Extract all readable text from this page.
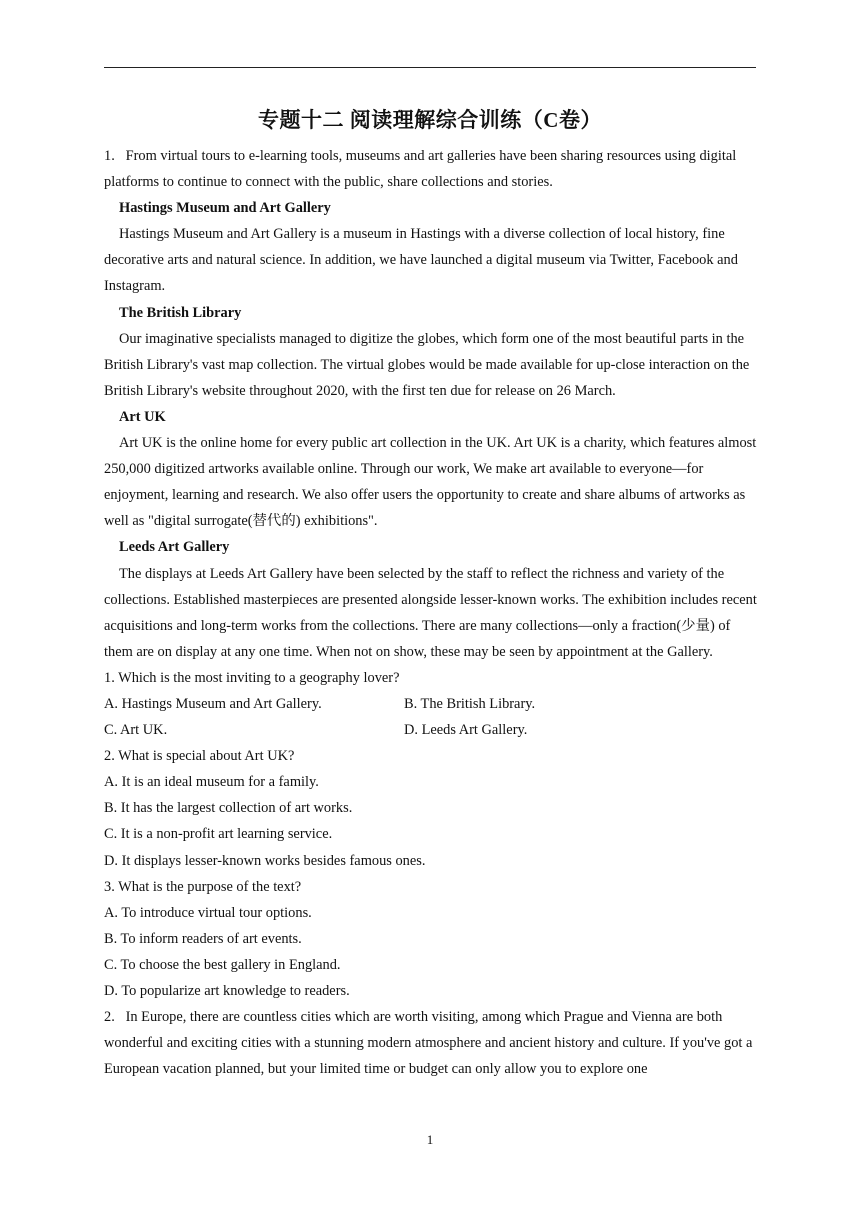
专题十二 阅读理解综合训练（C卷）

1.   From virtual tours to e-learning tools, museums and art galleries have been sharing resources using digital platforms to continue to connect with the public, share collections and stories.

Hastings Museum and Art Gallery

Hastings Museum and Art Gallery is a museum in Hastings with a diverse collection of local history, fine decorative arts and natural science. In addition, we have launched a digital museum via Twitter, Facebook and Instagram.

The British Library

Our imaginative specialists managed to digitize the globes, which form one of the most beautiful parts in the British Library's vast map collection. The virtual globes would be made available for up-close interaction on the British Library's website throughout 2020, with the first ten due for release on 26 March.

Art UK

Art UK is the online home for every public art collection in the UK. Art UK is a charity, which features almost 250,000 digitized artworks available online. Through our work, We make art available to everyone—for enjoyment, learning and research. We also offer users the opportunity to create and share albums of artworks as well as "digital surrogate(替代的) exhibitions".

Leeds Art Gallery

The displays at Leeds Art Gallery have been selected by the staff to reflect the richness and variety of the collections. Established masterpieces are presented alongside lesser-known works. The exhibition includes recent acquisitions and long-term works from the collections. There are many collections—only a fraction(少量) of them are on display at any one time. When not on show, these may be seen by appointment at the Gallery.

1. Which is the most inviting to a geography lover?

A. Hastings Museum and Art Gallery.	B. The British Library.
C. Art UK.	D. Leeds Art Gallery.

2. What is special about Art UK?

A. It is an ideal museum for a family.

B. It has the largest collection of art works.

C. It is a non-profit art learning service.

D. It displays lesser-known works besides famous ones.

3. What is the purpose of the text?

A. To introduce virtual tour options.

B. To inform readers of art events.

C. To choose the best gallery in England.

D. To popularize art knowledge to readers.

2.   In Europe, there are countless cities which are worth visiting, among which Prague and Vienna are both wonderful and exciting cities with a stunning modern atmosphere and ancient history and culture. If you've got a European vacation planned, but your limited time or budget can only allow you to explore one

1
